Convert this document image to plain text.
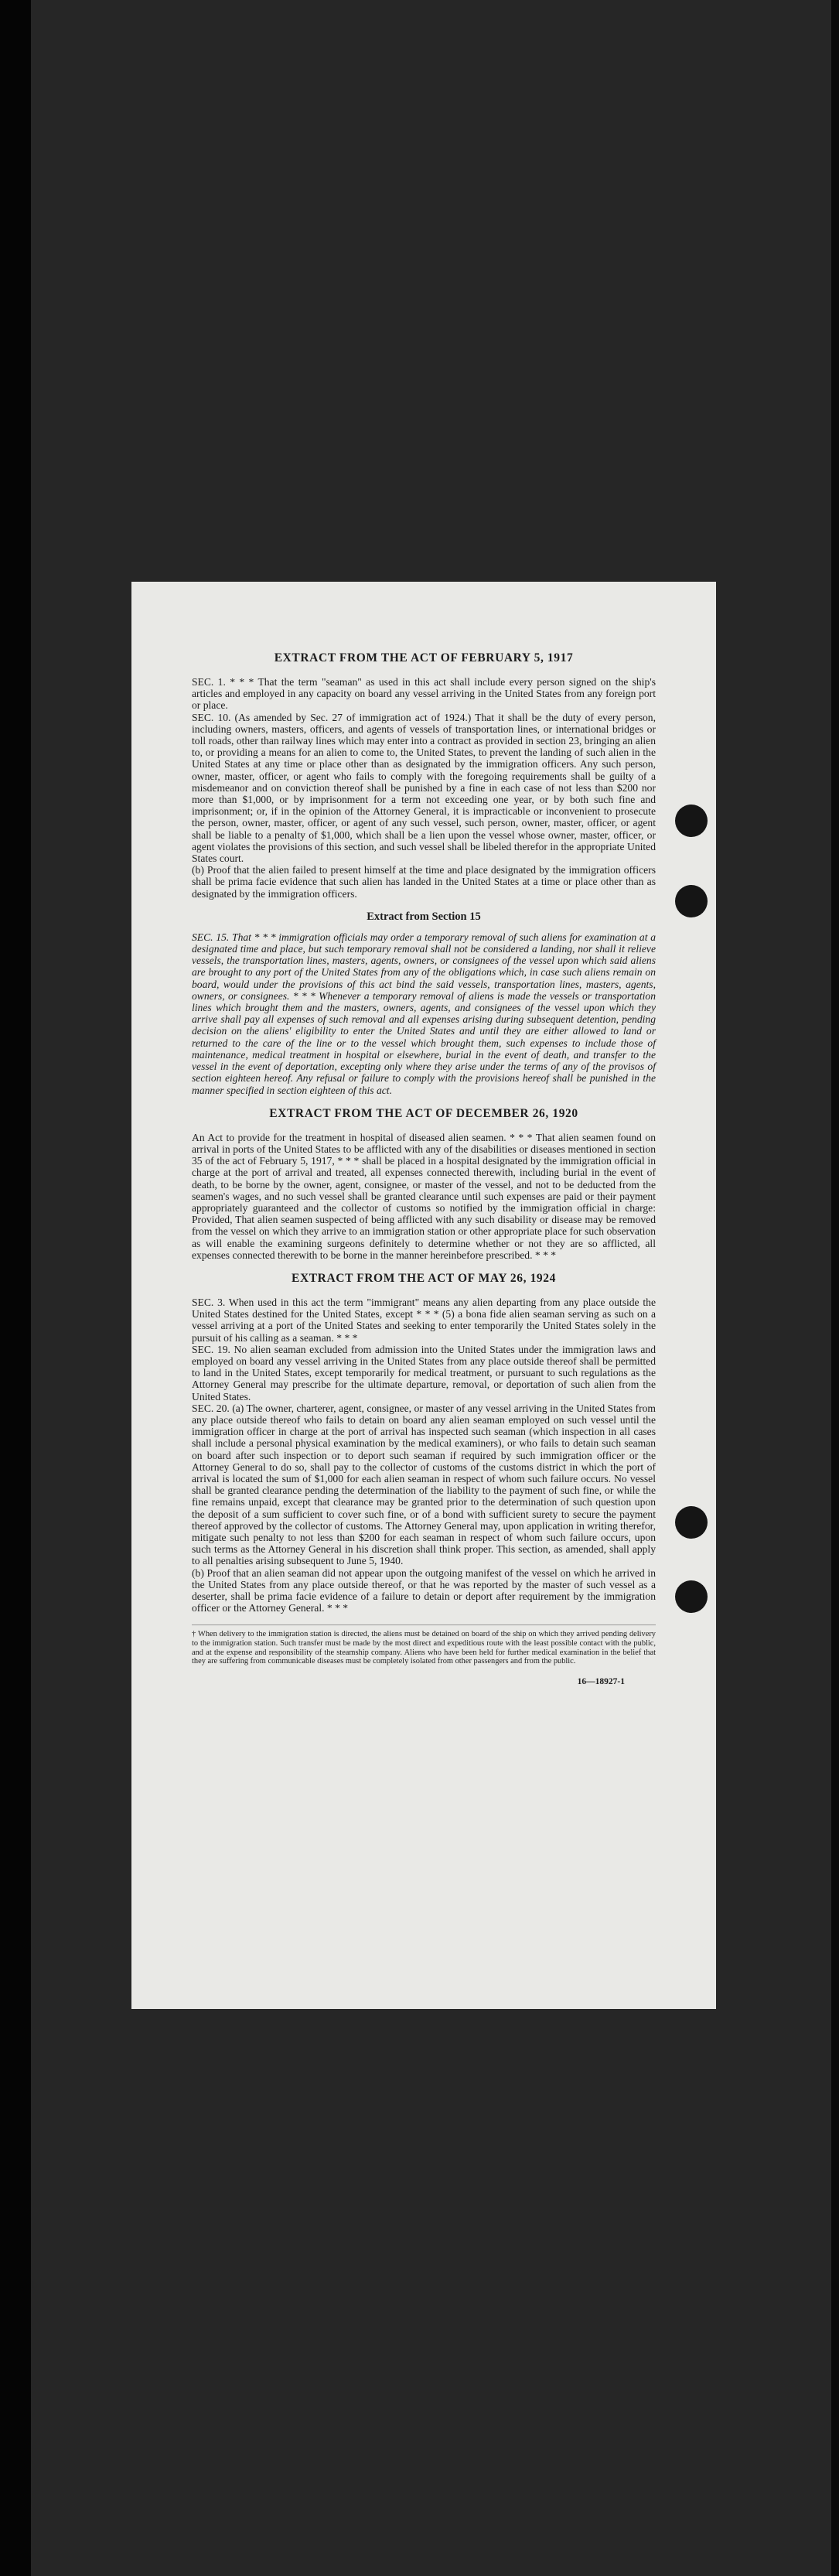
EXTRACT FROM THE ACT OF FEBRUARY 5, 1917

SEC. 1. * * * That the term "seaman" as used in this act shall include every person signed on the ship's articles and employed in any capacity on board any vessel arriving in the United States from any foreign port or place.

SEC. 10. (As amended by Sec. 27 of immigration act of 1924.) That it shall be the duty of every person, including owners, masters, officers, and agents of vessels of transportation lines, or international bridges or toll roads, other than railway lines which may enter into a contract as provided in section 23, bringing an alien to, or providing a means for an alien to come to, the United States, to prevent the landing of such alien in the United States at any time or place other than as designated by the immigration officers. Any such person, owner, master, officer, or agent who fails to comply with the foregoing requirements shall be guilty of a misdemeanor and on conviction thereof shall be punished by a fine in each case of not less than $200 nor more than $1,000, or by imprisonment for a term not exceeding one year, or by both such fine and imprisonment; or, if in the opinion of the Attorney General, it is impracticable or inconvenient to prosecute the person, owner, master, officer, or agent of any such vessel, such person, owner, master, officer, or agent shall be liable to a penalty of $1,000, which shall be a lien upon the vessel whose owner, master, officer, or agent violates the provisions of this section, and such vessel shall be libeled therefor in the appropriate United States court.

(b) Proof that the alien failed to present himself at the time and place designated by the immigration officers shall be prima facie evidence that such alien has landed in the United States at a time or place other than as designated by the immigration officers.

Extract from Section 15

SEC. 15. That * * * immigration officials may order a temporary removal of such aliens for examination at a designated time and place, but such temporary removal shall not be considered a landing, nor shall it relieve vessels, the transportation lines, masters, agents, owners, or consignees of the vessel upon which said aliens are brought to any port of the United States from any of the obligations which, in case such aliens remain on board, would under the provisions of this act bind the said vessels, transportation lines, masters, agents, owners, or consignees. * * * Whenever a temporary removal of aliens is made the vessels or transportation lines which brought them and the masters, owners, agents, and consignees of the vessel upon which they arrive shall pay all expenses of such removal and all expenses arising during subsequent detention, pending decision on the aliens' eligibility to enter the United States and until they are either allowed to land or returned to the care of the line or to the vessel which brought them, such expenses to include those of maintenance, medical treatment in hospital or elsewhere, burial in the event of death, and transfer to the vessel in the event of deportation, excepting only where they arise under the terms of any of the provisos of section eighteen hereof. Any refusal or failure to comply with the provisions hereof shall be punished in the manner specified in section eighteen of this act.

EXTRACT FROM THE ACT OF DECEMBER 26, 1920

An Act to provide for the treatment in hospital of diseased alien seamen. * * * That alien seamen found on arrival in ports of the United States to be afflicted with any of the disabilities or diseases mentioned in section 35 of the act of February 5, 1917, * * * shall be placed in a hospital designated by the immigration official in charge at the port of arrival and treated, all expenses connected therewith, including burial in the event of death, to be borne by the owner, agent, consignee, or master of the vessel, and not to be deducted from the seamen's wages, and no such vessel shall be granted clearance until such expenses are paid or their payment appropriately guaranteed and the collector of customs so notified by the immigration official in charge: Provided, That alien seamen suspected of being afflicted with any such disability or disease may be removed from the vessel on which they arrive to an immigration station or other appropriate place for such observation as will enable the examining surgeons definitely to determine whether or not they are so afflicted, all expenses connected therewith to be borne in the manner hereinbefore prescribed. * * *

EXTRACT FROM THE ACT OF MAY 26, 1924

SEC. 3. When used in this act the term "immigrant" means any alien departing from any place outside the United States destined for the United States, except * * * (5) a bona fide alien seaman serving as such on a vessel arriving at a port of the United States and seeking to enter temporarily the United States solely in the pursuit of his calling as a seaman. * * *

SEC. 19. No alien seaman excluded from admission into the United States under the immigration laws and employed on board any vessel arriving in the United States from any place outside thereof shall be permitted to land in the United States, except temporarily for medical treatment, or pursuant to such regulations as the Attorney General may prescribe for the ultimate departure, removal, or deportation of such alien from the United States.

SEC. 20. (a) The owner, charterer, agent, consignee, or master of any vessel arriving in the United States from any place outside thereof who fails to detain on board any alien seaman employed on such vessel until the immigration officer in charge at the port of arrival has inspected such seaman (which inspection in all cases shall include a personal physical examination by the medical examiners), or who fails to detain such seaman on board after such inspection or to deport such seaman if required by such immigration officer or the Attorney General to do so, shall pay to the collector of customs of the customs district in which the port of arrival is located the sum of $1,000 for each alien seaman in respect of whom such failure occurs. No vessel shall be granted clearance pending the determination of the liability to the payment of such fine, or while the fine remains unpaid, except that clearance may be granted prior to the determination of such question upon the deposit of a sum sufficient to cover such fine, or of a bond with sufficient surety to secure the payment thereof approved by the collector of customs. The Attorney General may, upon application in writing therefor, mitigate such penalty to not less than $200 for each seaman in respect of whom such failure occurs, upon such terms as the Attorney General in his discretion shall think proper. This section, as amended, shall apply to all penalties arising subsequent to June 5, 1940.

(b) Proof that an alien seaman did not appear upon the outgoing manifest of the vessel on which he arrived in the United States from any place outside thereof, or that he was reported by the master of such vessel as a deserter, shall be prima facie evidence of a failure to detain or deport after requirement by the immigration officer or the Attorney General. * * *

† When delivery to the immigration station is directed, the aliens must be detained on board of the ship on which they arrived pending delivery to the immigration station. Such transfer must be made by the most direct and expeditious route with the least possible contact with the public, and at the expense and responsibility of the steamship company. Aliens who have been held for further medical examination in the belief that they are suffering from communicable diseases must be completely isolated from other passengers and from the public.
16—18927-1
